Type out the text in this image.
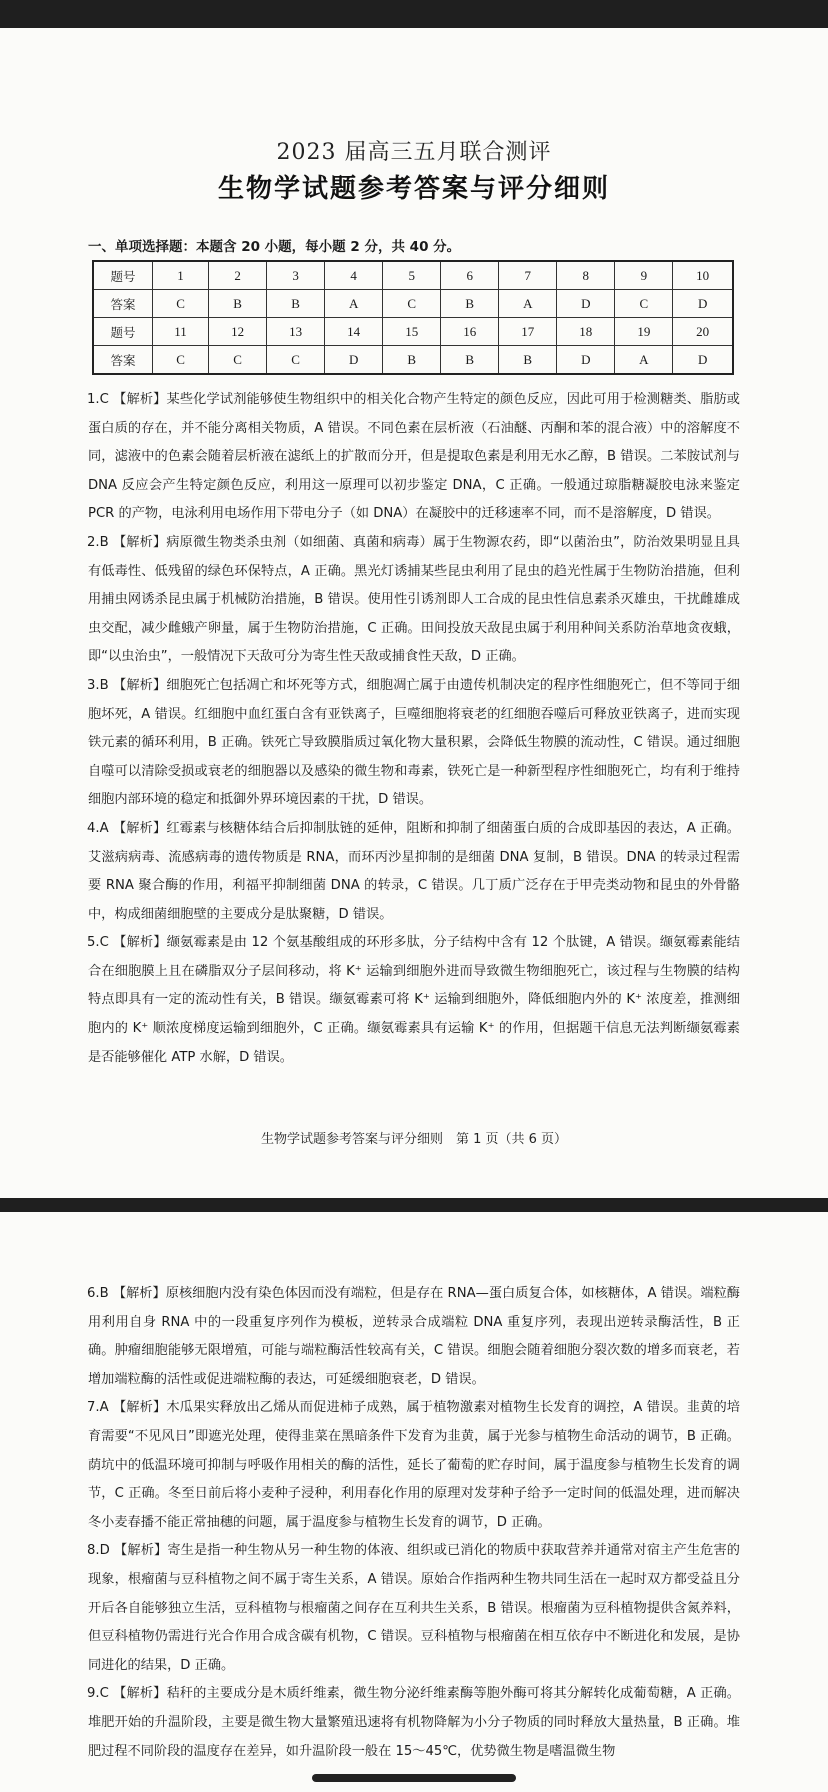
2023 届高三五月联合测评
生物学试题参考答案与评分细则
一、单项选择题：本题含 20 小题，每小题 2 分，共 40 分。
题号	1	2	3	4	5	6	7	8	9	10
答案	C	B	B	A	C	B	A	D	C	D
题号	11	12	13	14	15	16	17	18	19	20
答案	C	C	C	D	B	B	B	D	A	D

1.C 【解析】某些化学试剂能够使生物组织中的相关化合物产生特定的颜色反应，因此可用于检测糖类、脂肪或蛋白质的存在，并不能分离相关物质，A 错误。不同色素在层析液（石油醚、丙酮和苯的混合液）中的溶解度不同，滤液中的色素会随着层析液在滤纸上的扩散而分开，但是提取色素是利用无水乙醇，B 错误。二苯胺试剂与 DNA 反应会产生特定颜色反应，利用这一原理可以初步鉴定 DNA，C 正确。一般通过琼脂糖凝胶电泳来鉴定 PCR 的产物，电泳利用电场作用下带电分子（如 DNA）在凝胶中的迁移速率不同，而不是溶解度，D 错误。

2.B 【解析】病原微生物类杀虫剂（如细菌、真菌和病毒）属于生物源农药，即“以菌治虫”，防治效果明显且具有低毒性、低残留的绿色环保特点，A 正确。黑光灯诱捕某些昆虫利用了昆虫的趋光性属于生物防治措施，但利用捕虫网诱杀昆虫属于机械防治措施，B 错误。使用性引诱剂即人工合成的昆虫性信息素杀灭雄虫，干扰雌雄成虫交配，减少雌蛾产卵量，属于生物防治措施，C 正确。田间投放天敌昆虫属于利用种间关系防治草地贪夜蛾，即“以虫治虫”，一般情况下天敌可分为寄生性天敌或捕食性天敌，D 正确。

3.B 【解析】细胞死亡包括凋亡和坏死等方式，细胞凋亡属于由遗传机制决定的程序性细胞死亡，但不等同于细胞坏死，A 错误。红细胞中血红蛋白含有亚铁离子，巨噬细胞将衰老的红细胞吞噬后可释放亚铁离子，进而实现铁元素的循环利用，B 正确。铁死亡导致膜脂质过氧化物大量积累，会降低生物膜的流动性，C 错误。通过细胞自噬可以清除受损或衰老的细胞器以及感染的微生物和毒素，铁死亡是一种新型程序性细胞死亡，均有利于维持细胞内部环境的稳定和抵御外界环境因素的干扰，D 错误。

4.A 【解析】红霉素与核糖体结合后抑制肽链的延伸，阻断和抑制了细菌蛋白质的合成即基因的表达，A 正确。艾滋病病毒、流感病毒的遗传物质是 RNA，而环丙沙星抑制的是细菌 DNA 复制，B 错误。DNA 的转录过程需要 RNA 聚合酶的作用，利福平抑制细菌 DNA 的转录，C 错误。几丁质广泛存在于甲壳类动物和昆虫的外骨骼中，构成细菌细胞壁的主要成分是肽聚糖，D 错误。

5.C 【解析】缬氨霉素是由 12 个氨基酸组成的环形多肽，分子结构中含有 12 个肽键，A 错误。缬氨霉素能结合在细胞膜上且在磷脂双分子层间移动，将 K⁺ 运输到细胞外进而导致微生物细胞死亡，该过程与生物膜的结构特点即具有一定的流动性有关，B 错误。缬氨霉素可将 K⁺ 运输到细胞外，降低细胞内外的 K⁺ 浓度差，推测细胞内的 K⁺ 顺浓度梯度运输到细胞外，C 正确。缬氨霉素具有运输 K⁺ 的作用，但据题干信息无法判断缬氨霉素是否能够催化 ATP 水解，D 错误。

生物学试题参考答案与评分细则　第 1 页（共 6 页）

6.B 【解析】原核细胞内没有染色体因而没有端粒，但是存在 RNA—蛋白质复合体，如核糖体，A 错误。端粒酶用利用自身 RNA 中的一段重复序列作为模板，逆转录合成端粒 DNA 重复序列，表现出逆转录酶活性，B 正确。肿瘤细胞能够无限增殖，可能与端粒酶活性较高有关，C 错误。细胞会随着细胞分裂次数的增多而衰老，若增加端粒酶的活性或促进端粒酶的表达，可延缓细胞衰老，D 错误。

7.A 【解析】木瓜果实释放出乙烯从而促进柿子成熟，属于植物激素对植物生长发育的调控，A 错误。韭黄的培育需要“不见风日”即遮光处理，使得韭菜在黑暗条件下发育为韭黄，属于光参与植物生命活动的调节，B 正确。荫坑中的低温环境可抑制与呼吸作用相关的酶的活性，延长了葡萄的贮存时间，属于温度参与植物生长发育的调节，C 正确。冬至日前后将小麦种子浸种，利用春化作用的原理对发芽种子给予一定时间的低温处理，进而解决冬小麦春播不能正常抽穗的问题，属于温度参与植物生长发育的调节，D 正确。

8.D 【解析】寄生是指一种生物从另一种生物的体液、组织或已消化的物质中获取营养并通常对宿主产生危害的现象，根瘤菌与豆科植物之间不属于寄生关系，A 错误。原始合作指两种生物共同生活在一起时双方都受益且分开后各自能够独立生活，豆科植物与根瘤菌之间存在互利共生关系，B 错误。根瘤菌为豆科植物提供含氮养料，但豆科植物仍需进行光合作用合成含碳有机物，C 错误。豆科植物与根瘤菌在相互依存中不断进化和发展，是协同进化的结果，D 正确。

9.C 【解析】秸秆的主要成分是木质纤维素，微生物分泌纤维素酶等胞外酶可将其分解转化成葡萄糖，A 正确。堆肥开始的升温阶段，主要是微生物大量繁殖迅速将有机物降解为小分子物质的同时释放大量热量，B 正确。堆肥过程不同阶段的温度存在差异，如升温阶段一般在 15～45℃，优势微生物是嗜温微生物
